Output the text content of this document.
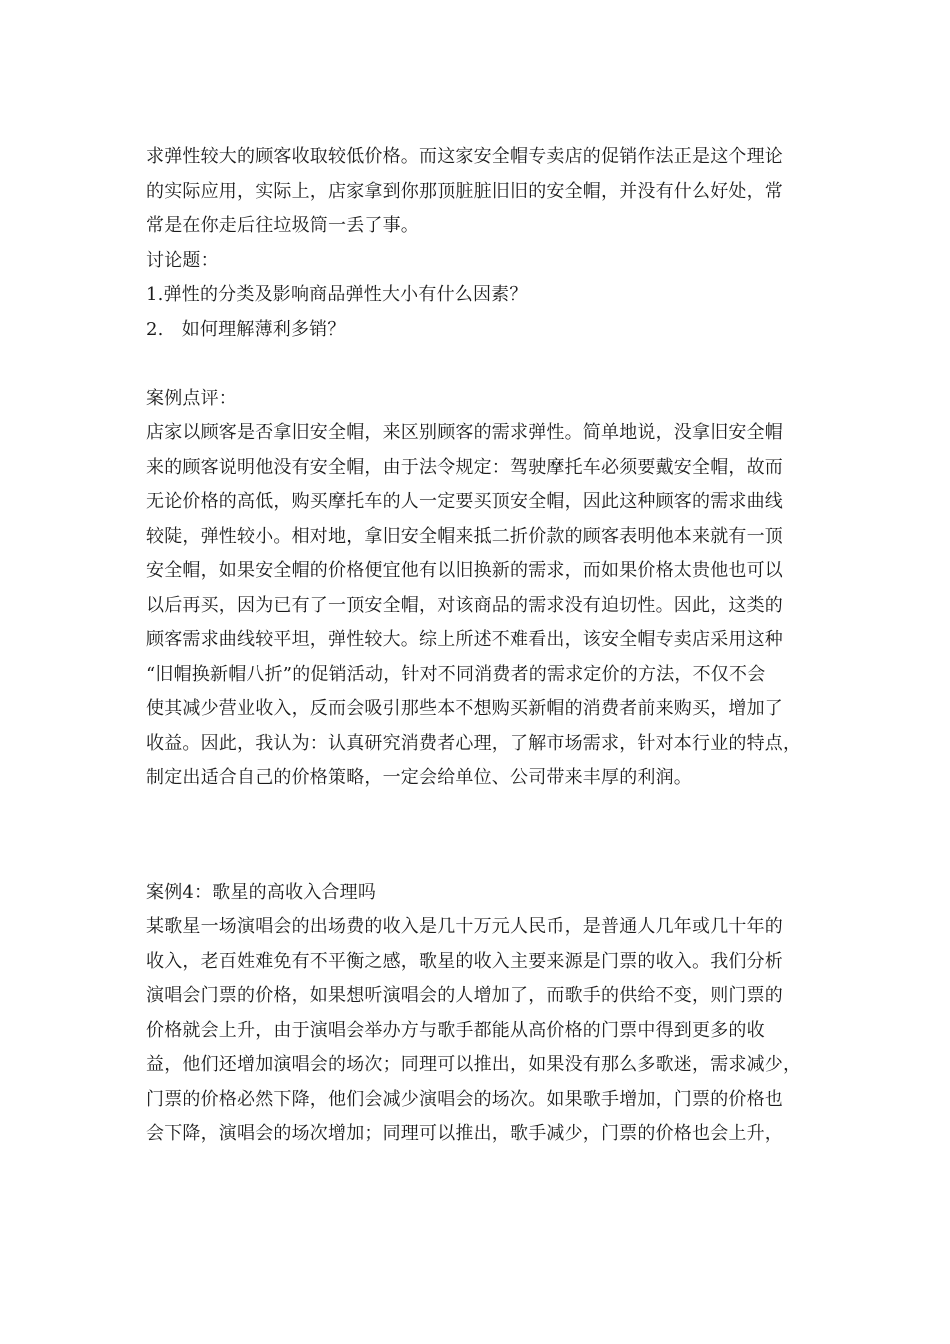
求弹性较大的顾客收取较低价格。而这家安全帽专卖店的促销作法正是这个理论
的实际应用，实际上，店家拿到你那顶脏脏旧旧的安全帽，并没有什么好处，常
常是在你走后往垃圾筒一丢了事。
讨论题：
1.弹性的分类及影响商品弹性大小有什么因素？
2.　如何理解薄利多销？
案例点评：
店家以顾客是否拿旧安全帽，来区别顾客的需求弹性。简单地说，没拿旧安全帽
来的顾客说明他没有安全帽，由于法令规定：驾驶摩托车必须要戴安全帽，故而
无论价格的高低，购买摩托车的人一定要买顶安全帽，因此这种顾客的需求曲线
较陡，弹性较小。相对地，拿旧安全帽来抵二折价款的顾客表明他本来就有一顶
安全帽，如果安全帽的价格便宜他有以旧换新的需求，而如果价格太贵他也可以
以后再买，因为已有了一顶安全帽，对该商品的需求没有迫切性。因此，这类的
顾客需求曲线较平坦，弹性较大。综上所述不难看出，该安全帽专卖店采用这种
“旧帽换新帽八折”的促销活动，针对不同消费者的需求定价的方法，不仅不会
使其减少营业收入，反而会吸引那些本不想购买新帽的消费者前来购买，增加了
收益。因此，我认为：认真研究消费者心理，了解市场需求，针对本行业的特点，
制定出适合自己的价格策略，一定会给单位、公司带来丰厚的利润。
案例4：歌星的高收入合理吗
某歌星一场演唱会的出场费的收入是几十万元人民币，是普通人几年或几十年的
收入，老百姓难免有不平衡之感，歌星的收入主要来源是门票的收入。我们分析
演唱会门票的价格，如果想听演唱会的人增加了，而歌手的供给不变，则门票的
价格就会上升，由于演唱会举办方与歌手都能从高价格的门票中得到更多的收
益，他们还增加演唱会的场次；同理可以推出，如果没有那么多歌迷，需求减少，
门票的价格必然下降，他们会减少演唱会的场次。如果歌手增加，门票的价格也
会下降，演唱会的场次增加；同理可以推出，歌手减少，门票的价格也会上升，
